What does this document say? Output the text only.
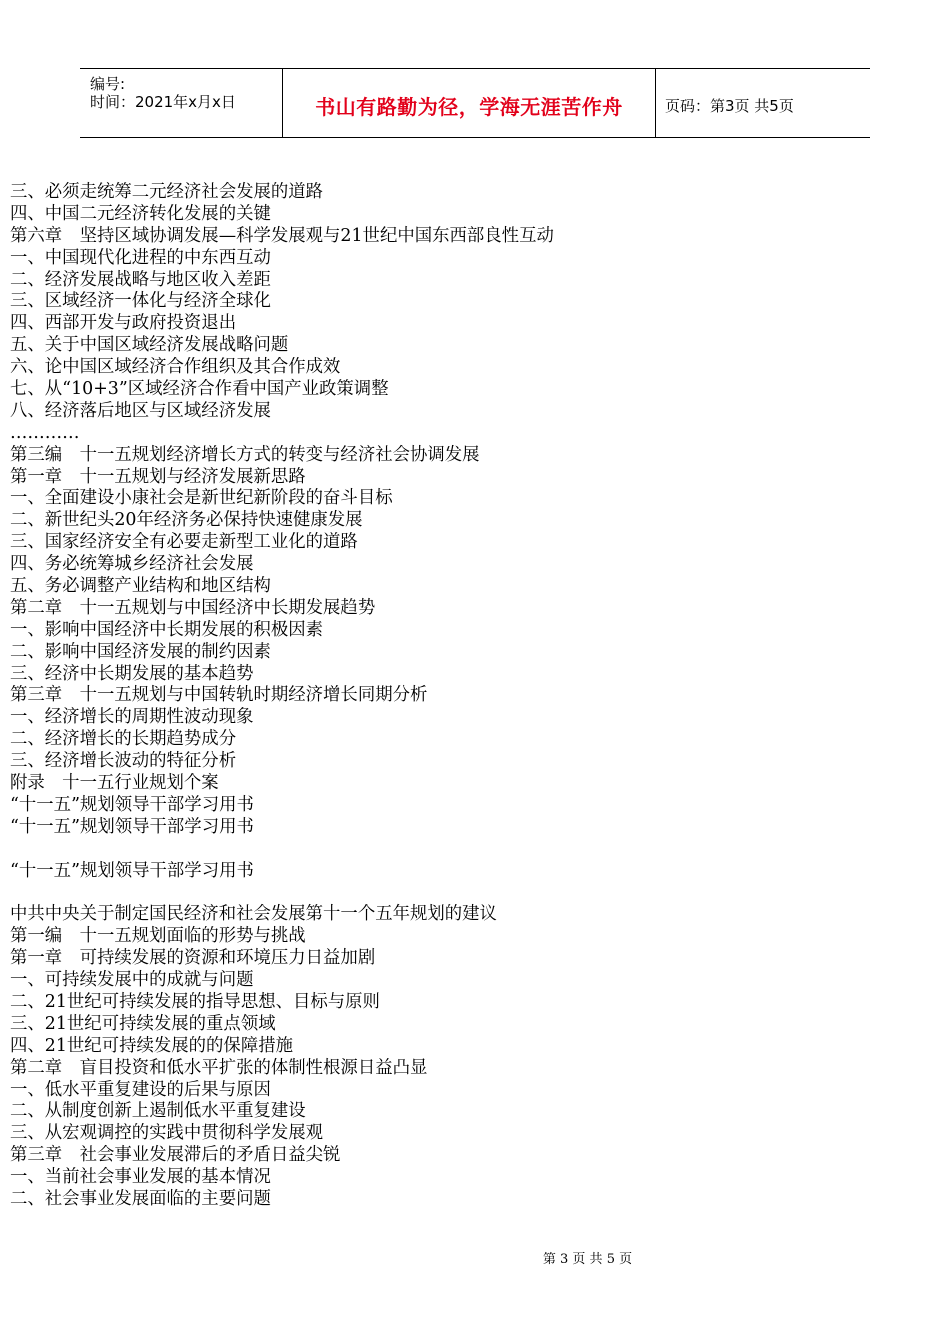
编号:
时间：2021年x月x日	书山有路勤为径，学海无涯苦作舟	页码：第3页 共5页
三、必须走统筹二元经济社会发展的道路
四、中国二元经济转化发展的关键
第六章　坚持区域协调发展—科学发展观与21世纪中国东西部良性互动
一、中国现代化进程的中东西互动
二、经济发展战略与地区收入差距
三、区域经济一体化与经济全球化
四、西部开发与政府投资退出
五、关于中国区域经济发展战略问题
六、论中国区域经济合作组织及其合作成效
七、从“10+3”区域经济合作看中国产业政策调整
八、经济落后地区与区域经济发展
…………
第三编　十一五规划经济增长方式的转变与经济社会协调发展
第一章　十一五规划与经济发展新思路
一、全面建设小康社会是新世纪新阶段的奋斗目标
二、新世纪头20年经济务必保持快速健康发展
三、国家经济安全有必要走新型工业化的道路
四、务必统筹城乡经济社会发展
五、务必调整产业结构和地区结构
第二章　十一五规划与中国经济中长期发展趋势
一、影响中国经济中长期发展的积极因素
二、影响中国经济发展的制约因素
三、经济中长期发展的基本趋势
第三章　十一五规划与中国转轨时期经济增长同期分析
一、经济增长的周期性波动现象
二、经济增长的长期趋势成分
三、经济增长波动的特征分析
附录　十一五行业规划个案
“十一五”规划领导干部学习用书
“十一五”规划领导干部学习用书
“十一五”规划领导干部学习用书
中共中央关于制定国民经济和社会发展第十一个五年规划的建议
第一编　十一五规划面临的形势与挑战
第一章　可持续发展的资源和环境压力日益加剧
一、可持续发展中的成就与问题
二、21世纪可持续发展的指导思想、目标与原则
三、21世纪可持续发展的重点领域
四、21世纪可持续发展的的保障措施
第二章　盲目投资和低水平扩张的体制性根源日益凸显
一、低水平重复建设的后果与原因
二、从制度创新上遏制低水平重复建设
三、从宏观调控的实践中贯彻科学发展观
第三章　社会事业发展滞后的矛盾日益尖锐
一、当前社会事业发展的基本情况
二、社会事业发展面临的主要问题
第 3 页 共 5 页
